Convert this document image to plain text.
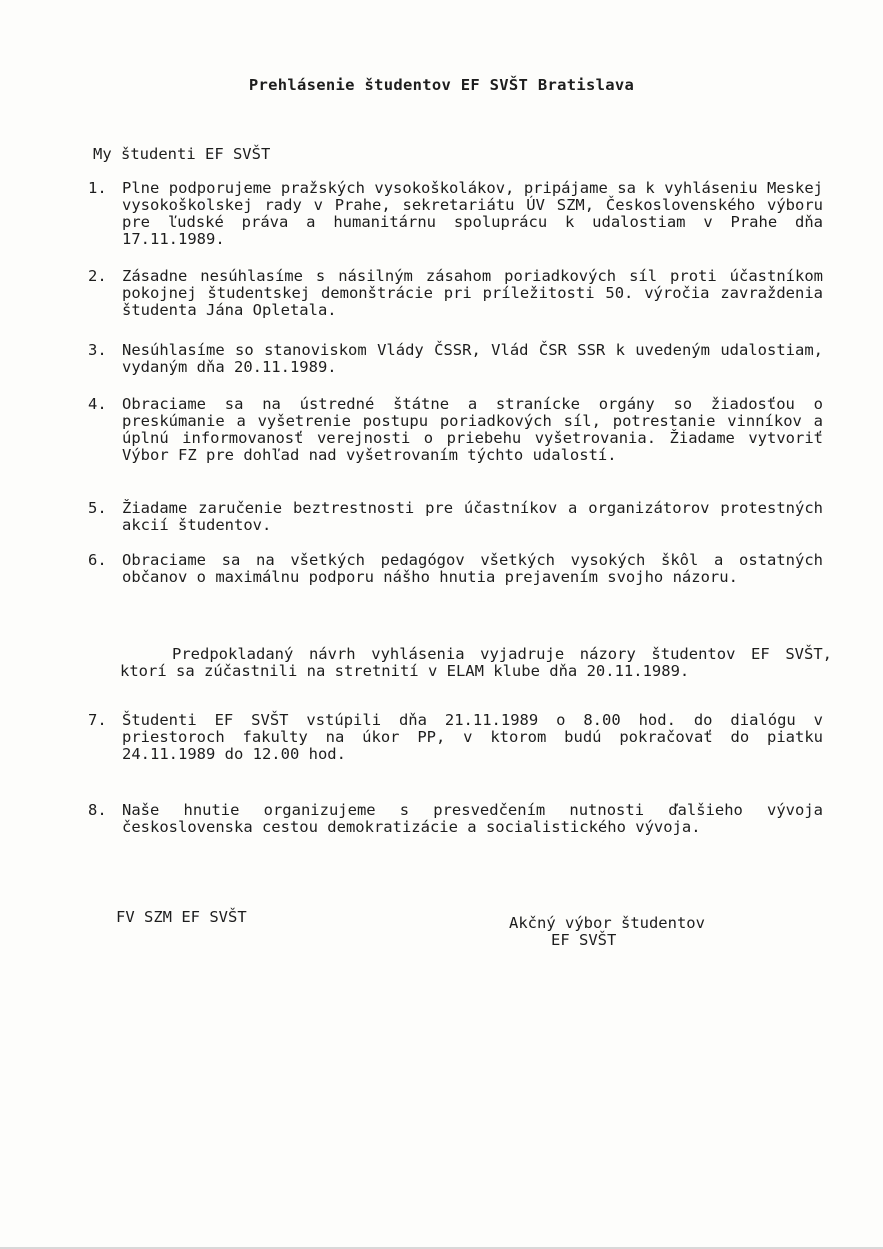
Prehlásenie študentov EF SVŠT Bratislava
My študenti EF SVŠT
1. Plne podporujeme pražských vysokoškolákov, pripájame sa k vyhláseniu Meskej vysokoškolskej rady v Prahe, sekretariátu ÚV SZM, Československého výboru pre ľudské práva a humanitárnu spoluprácu k udalostiam v Prahe dňa 17.11.1989.
2. Zásadne nesúhlasíme s násilným zásahom poriadkových síl proti účastníkom pokojnej študentskej demonštrácie pri príležitosti 50. výročia zavraždenia študenta Jána Opletala.
3. Nesúhlasíme so stanoviskom Vlády ČSSR, Vlád ČSR SSR k uvedeným udalostiam, vydaným dňa 20.11.1989.
4. Obraciame sa na ústredné štátne a stranícke orgány so žiadosťou o preskúmanie a vyšetrenie postupu poriadkových síl, potrestanie vinníkov a úplnú informovanosť verejnosti o priebehu vyšetrovania. Žiadame vytvoriť Výbor FZ pre dohľad nad vyšetrovaním týchto udalostí.
5. Žiadame zaručenie beztrestnosti pre účastníkov a organizátorov protestných akcií študentov.
6. Obraciame sa na všetkých pedagógov všetkých vysokých škôl a ostatných občanov o maximálnu podporu nášho hnutia prejavením svojho názoru.
Predpokladaný návrh vyhlásenia vyjadruje názory študentov EF SVŠT, ktorí sa zúčastnili na stretnití v ELAM klube dňa 20.11.1989.
7. Študenti EF SVŠT vstúpili dňa 21.11.1989 o 8.00 hod. do dialógu v priestoroch fakulty na úkor PP, v ktorom budú pokračovať do piatku 24.11.1989 do 12.00 hod.
8. Naše hnutie organizujeme s presvedčením nutnosti ďalšieho vývoja československa cestou demokratizácie a socialistického vývoja.
FV SZM EF SVŠT	Akčný výbor študentov
EF SVŠT
